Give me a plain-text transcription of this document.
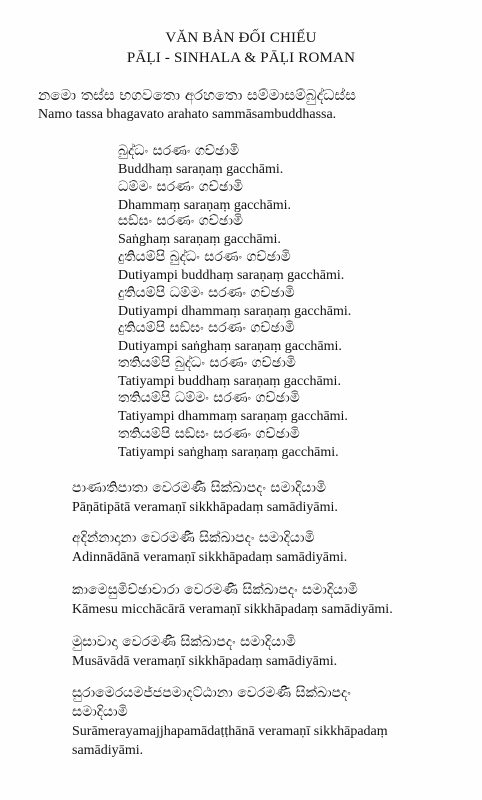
VĂN BẢN ĐỐI CHIẾU
PĀḶI - SINHALA & PĀḶI ROMAN
නමො තස්ස භගවතො අරහතො සම්මාසම්බුද්ධස්ස
Namo tassa bhagavato arahato sammāsambuddhassa.
බුද්ධං සරණං ගච්ඡාමි
Buddhaṃ saraṇaṃ gacchāmi.
ධම්මං සරණං ගච්ඡාමි
Dhammaṃ saraṇaṃ gacchāmi.
සඞ්ඝං සරණං ගච්ඡාමි
Saṅghaṃ saraṇaṃ gacchāmi.
දුතියම්පි බුද්ධං සරණං ගච්ඡාමි
Dutiyampi buddhaṃ saraṇaṃ gacchāmi.
දුතියම්පි ධම්මං සරණං ගච්ඡාමි
Dutiyampi dhammaṃ saraṇaṃ gacchāmi.
දුතියම්පි සඞ්ඝං සරණං ගච්ඡාමි
Dutiyampi saṅghaṃ saraṇaṃ gacchāmi.
තතියම්පි බුද්ධං සරණං ගච්ඡාමි
Tatiyampi buddhaṃ saraṇaṃ gacchāmi.
තතියම්පි ධම්මං සරණං ගච්ඡාමි
Tatiyampi dhammaṃ saraṇaṃ gacchāmi.
තතියම්පි සඞ්ඝං සරණං ගච්ඡාමි
Tatiyampi saṅghaṃ saraṇaṃ gacchāmi.
පාණාතිපාතා වෙරමණී සික්ඛාපදං සමාදියාමි
Pāṇātipātā veramaṇī sikkhāpadaṃ samādiyāmi.
අදින්නාදානා වෙරමණී සික්ඛාපදං සමාදියාමි
Adinnādānā veramaṇī sikkhāpadaṃ samādiyāmi.
කාමෙසුමිච්ඡාචාරා වෙරමණී සික්ඛාපදං සමාදියාමි
Kāmesu micchācārā veramaṇī sikkhāpadaṃ samādiyāmi.
මුසාවාදා වෙරමණී සික්ඛාපදං සමාදියාමි
Musāvādā veramaṇī sikkhāpadaṃ samādiyāmi.
සුරාමෙරයමජ්ජපමාදට්ඨානා වෙරමණී සික්ඛාපදං
සමාදියාමි
Surāmerayamajjhapamādaṭṭhānā veramaṇī sikkhāpadaṃ
samādiyāmi.
